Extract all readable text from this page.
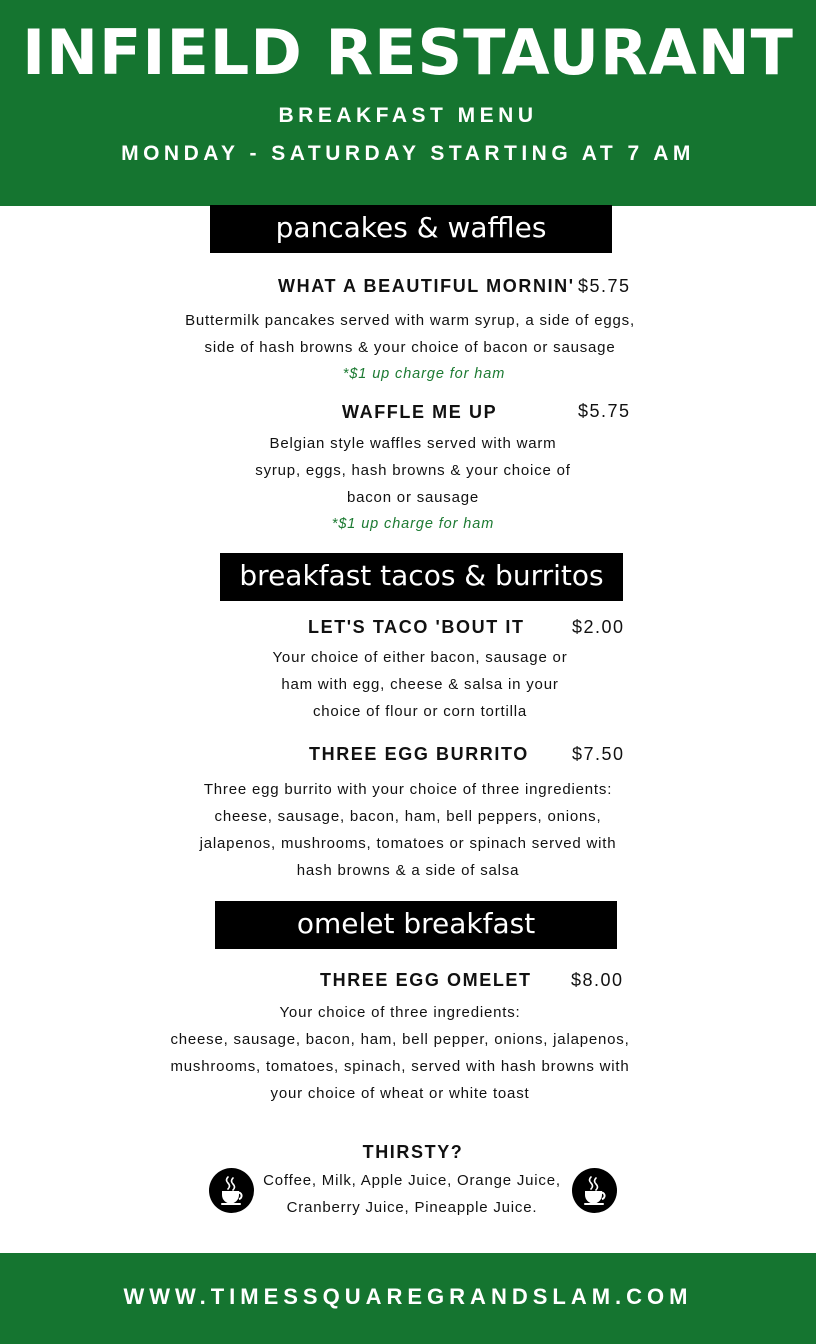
INFIELD RESTAURANT
BREAKFAST MENU
MONDAY - SATURDAY STARTING AT 7 AM
pancakes & waffles
WHAT A BEAUTIFUL MORNIN' $5.75
Buttermilk pancakes served with warm syrup, a side of eggs,
side of hash browns & your choice of bacon or sausage
*$1 up charge for ham
WAFFLE ME UP	$5.75
Belgian style waffles served with warm
syrup, eggs, hash browns & your choice of
bacon or sausage
*$1 up charge for ham
breakfast tacos & burritos
LET'S TACO 'BOUT IT	$2.00
Your choice of either bacon, sausage or
ham with egg, cheese & salsa in your
choice of flour or corn tortilla
THREE EGG BURRITO $7.50
Three egg burrito with your choice of three ingredients:
cheese, sausage, bacon, ham, bell peppers, onions,
jalapenos, mushrooms, tomatoes or spinach served with
hash browns & a side of salsa
omelet breakfast
THREE EGG OMELET $8.00
Your choice of three ingredients:
cheese, sausage, bacon, ham, bell pepper, onions, jalapenos,
mushrooms, tomatoes, spinach, served with hash browns with
your choice of wheat or white toast
THIRSTY?
Coffee, Milk, Apple Juice, Orange Juice,
Cranberry Juice, Pineapple Juice.
WWW.TIMESSQUAREGRANDSLAM.COM
